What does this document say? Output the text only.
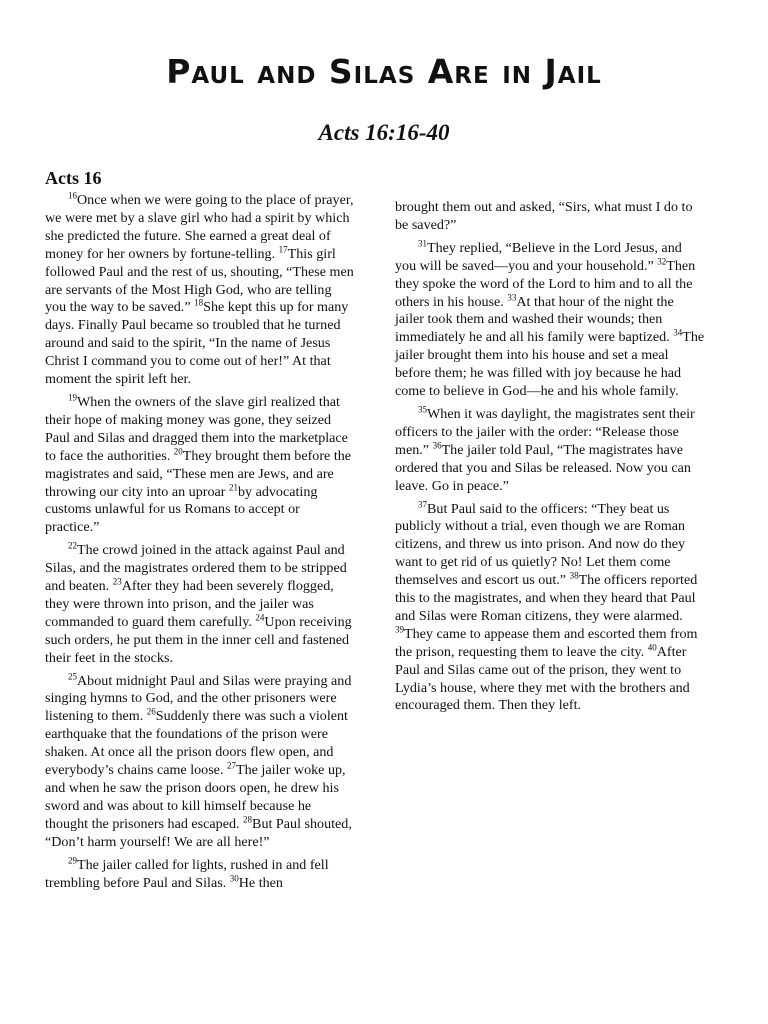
Paul and Silas Are in Jail
Acts 16:16-40
Acts 16

$^{16}$Once when we were going to the place of prayer, we were met by a slave girl who had a spirit by which she predicted the future. She earned a great deal of money for her owners by fortune-telling. $^{17}$This girl followed Paul and the rest of us, shouting, “These men are servants of the Most High God, who are telling you the way to be saved.” $^{18}$She kept this up for many days. Finally Paul became so troubled that he turned around and said to the spirit, “In the name of Jesus Christ I command you to come out of her!” At that moment the spirit left her.

$^{19}$When the owners of the slave girl realized that their hope of making money was gone, they seized Paul and Silas and dragged them into the marketplace to face the authorities. $^{20}$They brought them before the magistrates and said, “These men are Jews, and are throwing our city into an uproar $^{21}$by advocating customs unlawful for us Romans to accept or practice.”

$^{22}$The crowd joined in the attack against Paul and Silas, and the magistrates ordered them to be stripped and beaten. $^{23}$After they had been severely flogged, they were thrown into prison, and the jailer was commanded to guard them carefully. $^{24}$Upon receiving such orders, he put them in the inner cell and fastened their feet in the stocks.

$^{25}$About midnight Paul and Silas were praying and singing hymns to God, and the other prisoners were listening to them. $^{26}$Suddenly there was such a violent earthquake that the foundations of the prison were shaken. At once all the prison doors flew open, and everybody’s chains came loose. $^{27}$The jailer woke up, and when he saw the prison doors open, he drew his sword and was about to kill himself because he thought the prisoners had escaped. $^{28}$But Paul shouted, “Don’t harm yourself! We are all here!”

$^{29}$The jailer called for lights, rushed in and fell trembling before Paul and Silas. $^{30}$He then

brought them out and asked, “Sirs, what must I do to be saved?”

$^{31}$They replied, “Believe in the Lord Jesus, and you will be saved—you and your household.” $^{32}$Then they spoke the word of the Lord to him and to all the others in his house. $^{33}$At that hour of the night the jailer took them and washed their wounds; then immediately he and all his family were baptized. $^{34}$The jailer brought them into his house and set a meal before them; he was filled with joy because he had come to believe in God—he and his whole family.

$^{35}$When it was daylight, the magistrates sent their officers to the jailer with the order: “Release those men.” $^{36}$The jailer told Paul, “The magistrates have ordered that you and Silas be released. Now you can leave. Go in peace.”

$^{37}$But Paul said to the officers: “They beat us publicly without a trial, even though we are Roman citizens, and threw us into prison. And now do they want to get rid of us quietly? No! Let them come themselves and escort us out.” $^{38}$The officers reported this to the magistrates, and when they heard that Paul and Silas were Roman citizens, they were alarmed. $^{39}$They came to appease them and escorted them from the prison, requesting them to leave the city. $^{40}$After Paul and Silas came out of the prison, they went to Lydia’s house, where they met with the brothers and encouraged them. Then they left.
